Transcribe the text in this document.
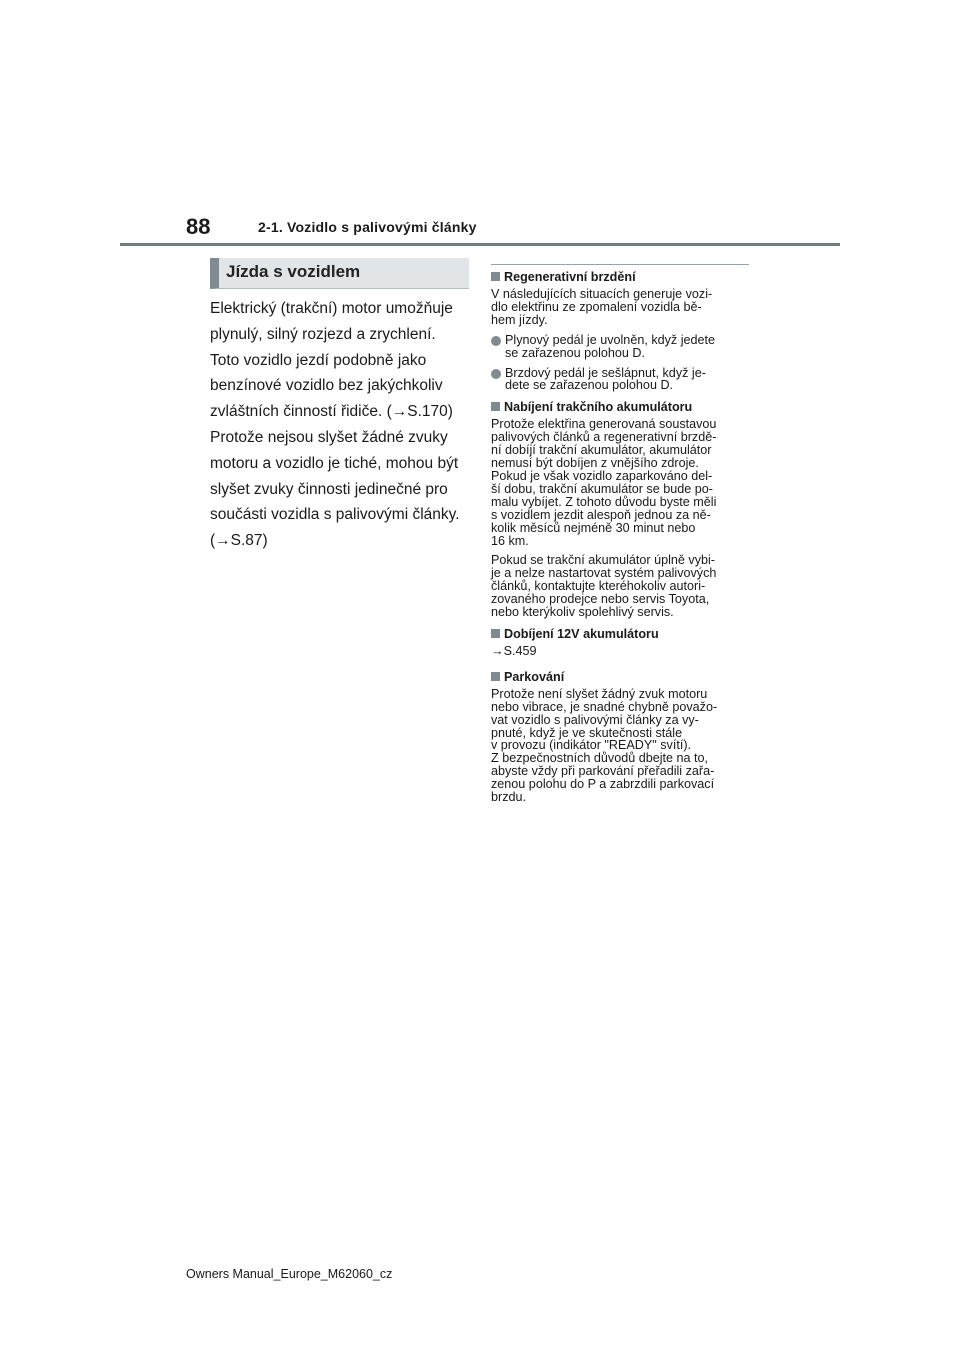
88	2-1. Vozidlo s palivovými články
Jízda s vozidlem

Elektrický (trakční) motor umožňuje plynulý, silný rozjezd a zrychlení. Toto vozidlo jezdí podobně jako benzínové vozidlo bez jakýchkoliv zvláštních činností řidiče. (→S.170) Protože nejsou slyšet žádné zvuky motoru a vozidlo je tiché, mohou být slyšet zvuky činnosti jedinečné pro součásti vozidla s palivovými články. (→S.87)

Regenerativní brzdění
V následujících situacích generuje vozi-
dlo elektřinu ze zpomalení vozidla bě-
hem jízdy.
Plynový pedál je uvolněn, když jedete
se zařazenou polohou D.
Brzdový pedál je sešlápnut, když je-
dete se zařazenou polohou D.
Nabíjení trakčního akumulátoru
Protože elektřina generovaná soustavou
palivových článků a regenerativní brzdě-
ní dobíjí trakční akumulátor, akumulátor
nemusí být dobíjen z vnějšího zdroje.
Pokud je však vozidlo zaparkováno del-
ší dobu, trakční akumulátor se bude po-
malu vybíjet. Z tohoto důvodu byste měli
s vozidlem jezdit alespoň jednou za ně-
kolik měsíců nejméně 30 minut nebo
16 km.
Pokud se trakční akumulátor úplně vybi-
je a nelze nastartovat systém palivových
článků, kontaktujte kteréhokoliv autori-
zovaného prodejce nebo servis Toyota,
nebo kterýkoliv spolehlivý servis.
Dobíjení 12V akumulátoru
→S.459
Parkování
Protože není slyšet žádný zvuk motoru
nebo vibrace, je snadné chybně považo-
vat vozidlo s palivovými články za vy-
pnuté, když je ve skutečnosti stále
v provozu (indikátor "READY" svítí).
Z bezpečnostních důvodů dbejte na to,
abyste vždy při parkování přeřadili zařa-
zenou polohu do P a zabrzdili parkovací
brzdu.
Owners Manual_Europe_M62060_cz
